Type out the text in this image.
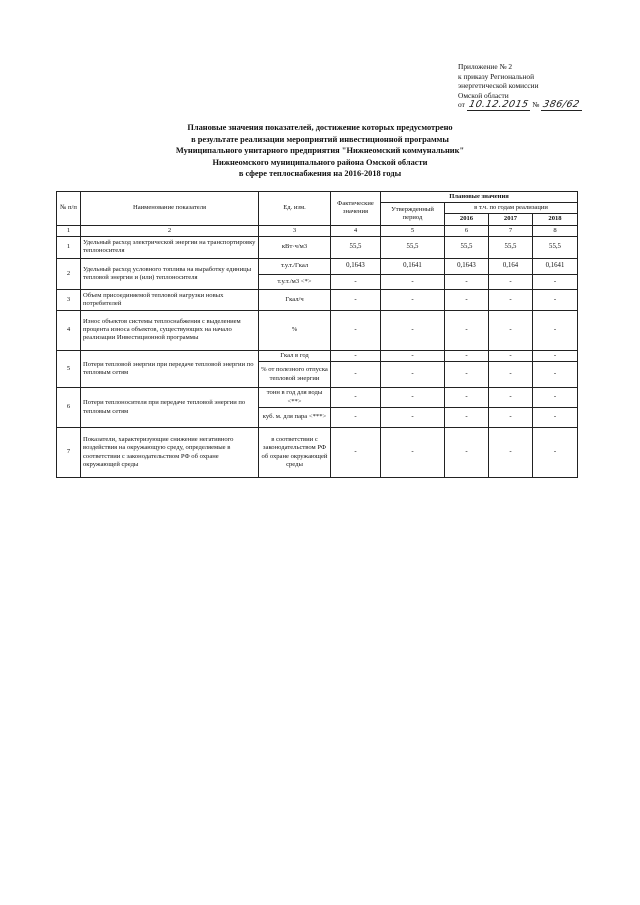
Приложение № 2
к приказу Региональной
энергетической комиссии
Омской области
от 10.12.2015 № 386/62
Плановые значения показателей, достижение которых предусмотрено
в результате реализации мероприятий инвестиционной программы
Муниципального унитарного предприятия "Нижнеомский коммунальник"
Нижнеомского муниципального района Омской области
в сфере теплоснабжения на 2016-2018 годы
№ п/п	Наименование показателя	Ед. изм.	Фактические значения	Плановые значения			
				Утвержденный период	в т.ч. по годам реализации		
					2016	2017	2018
1	2	3	4	5	6	7	8
1	Удельный расход электрической энергии на транспортировку теплоносителя	кВт·ч/м3	55,5	55,5	55,5	55,5	55,5
2	Удельный расход условного топлива на выработку единицы тепловой энергии и (или) теплоносителя	т.у.т./Гкал	0,1643	0,1641	0,1643	0,164	0,1641
		т.у.т./м3 <*>	-	-	-	-	-
3	Объем присоединяемой тепловой нагрузки новых потребителей	Гкал/ч	-	-	-	-	-
4	Износ объектов системы теплоснабжения с выделением процента износа объектов, существующих на начало реализации Инвестиционной программы	%	-	-	-	-	-
5	Потери тепловой энергии при передаче тепловой энергии по тепловым сетям	Гкал в год	-	-	-	-	-
		% от полезного отпуска тепловой энергии	-	-	-	-	-
6	Потери теплоносителя при передаче тепловой энергии по тепловым сетям	тонн в год для воды <**>	-	-	-	-	-
		куб. м. для пара <***>	-	-	-	-	-
7	Показатели, характеризующие снижение негативного воздействия на окружающую среду, определяемые в соответствии с законодательством РФ об охране окружающей среды	в соответствии с законодательством РФ об охране окружающей среды	-	-	-	-	-
